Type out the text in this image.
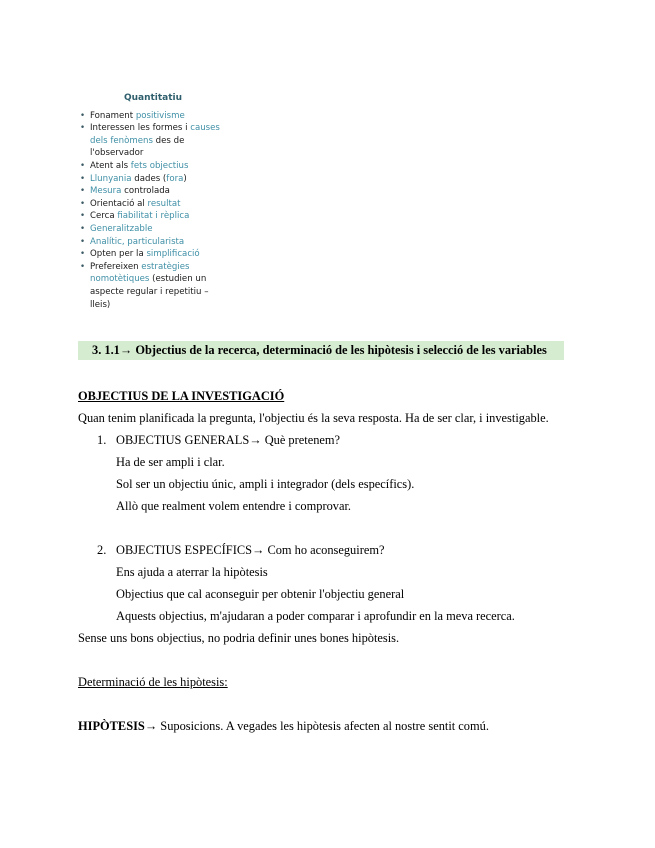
Quantitatiu
• Fonament positivisme
• Interessen les formes i causes dels fenòmens des de l'observador
• Atent als fets objectius
• Llunyania dades (fora)
• Mesura controlada
• Orientació al resultat
• Cerca fiabilitat i rèplica
• Generalitzable
• Analític, particularista
• Opten per la simplificació
• Prefereixen estratègies nomotètiques (estudien un aspecte regular i repetitiu – lleis)
3. 1.1→ Objectius de la recerca, determinació de les hipòtesis i selecció de les variables
OBJECTIUS DE LA INVESTIGACIÓ
Quan tenim planificada la pregunta, l'objectiu és la seva resposta. Ha de ser clar, i investigable.
1. OBJECTIUS GENERALS→ Què pretenem?
Ha de ser ampli i clar.
Sol ser un objectiu únic, ampli i integrador (dels específics).
Allò que realment volem entendre i comprovar.
2. OBJECTIUS ESPECÍFICS→ Com ho aconseguirem?
Ens ajuda a aterrar la hipòtesis
Objectius que cal aconseguir per obtenir l'objectiu general
Aquests objectius, m'ajudaran a poder comparar i aprofundir en la meva recerca.
Sense uns bons objectius, no podria definir unes bones hipòtesis.
Determinació de les hipòtesis:
HIPÒTESIS→ Suposicions. A vegades les hipòtesis afecten al nostre sentit comú.
